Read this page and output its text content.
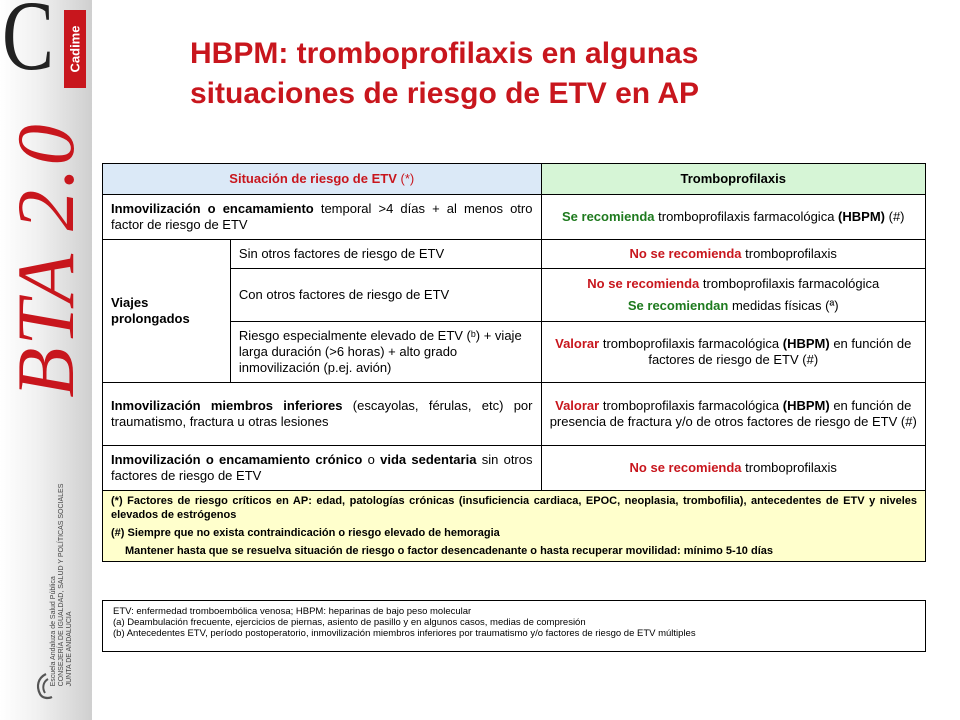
C Cadime
BTA 2.0
Escuela Andaluza de Salud Pública CONSEJERÍA DE IGUALDAD, SALUD Y POLÍTICAS SOCIALES JUNTA DE ANDALUCIA
HBPM: tromboprofilaxis en algunas
situaciones de riesgo de ETV en AP
Situación de riesgo de ETV (*)		Tromboprofilaxis
Inmovilización o encamamiento temporal >4 días + al menos otro factor de riesgo de ETV		Se recomienda tromboprofilaxis farmacológica (HBPM) (#)
Viajes prolongados	Sin otros factores de riesgo de ETV	No se recomienda tromboprofilaxis
	Con otros factores de riesgo de ETV	No se recomienda tromboprofilaxis farmacológica
Se recomiendan medidas físicas (ª)

	Riesgo especialmente elevado de ETV (ᵇ) + viaje larga duración (>6 horas) + alto grado inmovilización (p.ej. avión)	Valorar tromboprofilaxis farmacológica (HBPM) en función de factores de riesgo de ETV (#)
Inmovilización miembros inferiores (escayolas, férulas, etc) por traumatismo, fractura u otras lesiones		Valorar tromboprofilaxis farmacológica (HBPM) en función de presencia de fractura y/o de otros factores de riesgo de ETV (#)
Inmovilización o encamamiento crónico o vida sedentaria sin otros factores de riesgo de ETV		No se recomienda tromboprofilaxis

(*) Factores de riesgo críticos en AP: edad, patologías crónicas (insuficiencia cardiaca, EPOC, neoplasia, trombofilia), antecedentes de ETV y niveles elevados de estrógenos

(#) Siempre que no exista contraindicación o riesgo elevado de hemoragia

Mantener hasta que se resuelva situación de riesgo o factor desencadenante o hasta recuperar movilidad: mínimo 5-10 días		

ETV: enfermedad tromboembólica venosa; HBPM: heparinas de bajo peso molecular
(a) Deambulación frecuente, ejercicios de piernas, asiento de pasillo y en algunos casos, medias de compresión
(b) Antecedentes ETV, período postoperatorio, inmovilización miembros inferiores por traumatismo y/o factores de riesgo de ETV múltiples
